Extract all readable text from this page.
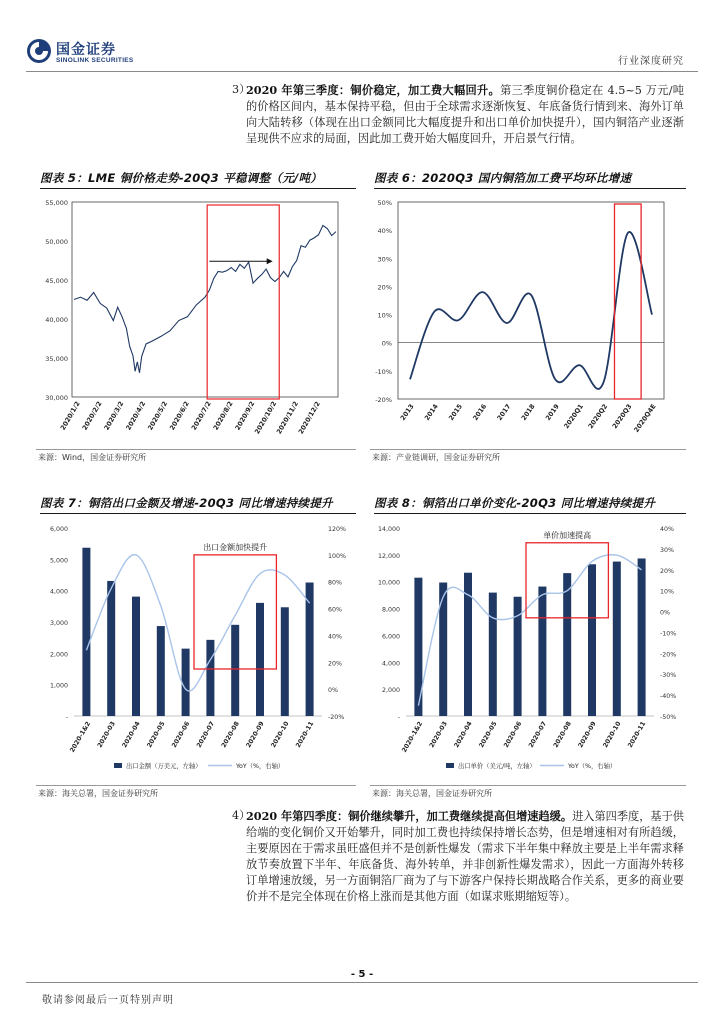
国金证券
SINOLINK SECURITIES	行业深度研究
3）
2020 年第三季度：铜价稳定，加工费大幅回升。第三季度铜价稳定在 4.5~5 万元/吨的价格区间内，基本保持平稳，但由于全球需求逐渐恢复、年底备货行情到来、海外订单向大陆转移（体现在出口金额同比大幅度提升和出口单价加快提升），国内铜箔产业逐渐呈现供不应求的局面，因此加工费开始大幅度回升，开启景气行情。
图表 5：LME 铜价格走势-20Q3 平稳调整（元/吨）
55,000
50,000
45,000
40,000
35,000
30,000
2020/1/2
2020/2/2
2020/3/2
2020/4/2
2020/5/2
2020/6/2
2020/7/2
2020/8/2
2020/9/2
2020/10/2
2020/11/2
2020/12/2
来源：Wind，国金证券研究所
图表 6：2020Q3 国内铜箔加工费平均环比增速
50%
40%
30%
20%
10%
0%
-10%
-20%
2013 2014 2015 2016 2017 2018 2019 2020Q1 2020Q2 2020Q3
2020Q4E
来源：产业链调研，国金证券研究所
图表 7：铜箔出口金额及增速-20Q3 同比增速持续提升
6,000
5,000
4,000
3,000
2,000
1,000
-
120%
100%
80%
60%
40%
20%
0%
-20%
2020-1&2 2020-03 2020-04 2020-05 2020-06 2020-07 2020-08 2020-09 2020-10 2020-11
出口金额加快提升
出口金额（万美元，左轴）	YoY（%，右轴）
来源：海关总署，国金证券研究所
图表 8：铜箔出口单价变化-20Q3 同比增速持续提升
14,000
12,000
10,000
8,000
6,000
4,000
2,000
-
40%
30%
20%
10%
0%
-10%
-20%
-30%
-40%
-50%
2020-1&2 2020-03 2020-04 2020-05 2020-06 2020-07 2020-08 2020-09 2020-10 2020-11
单价加速提高
出口单价（美元/吨，左轴）	YoY（%，右轴）
来源：海关总署，国金证券研究所
4）
2020 年第四季度：铜价继续攀升，加工费继续提高但增速趋缓。进入第四季度，基于供给端的变化铜价又开始攀升，同时加工费也持续保持增长态势，但是增速相对有所趋缓，主要原因在于需求虽旺盛但并不是创新性爆发（需求下半年集中释放主要是上半年需求释放节奏放置下半年、年底备货、海外转单，并非创新性爆发需求），因此一方面海外转移订单增速放缓，另一方面铜箔厂商为了与下游客户保持长期战略合作关系，更多的商业要价并不是完全体现在价格上涨而是其他方面（如谋求账期缩短等）。
- 5 -
敬请参阅最后一页特别声明
